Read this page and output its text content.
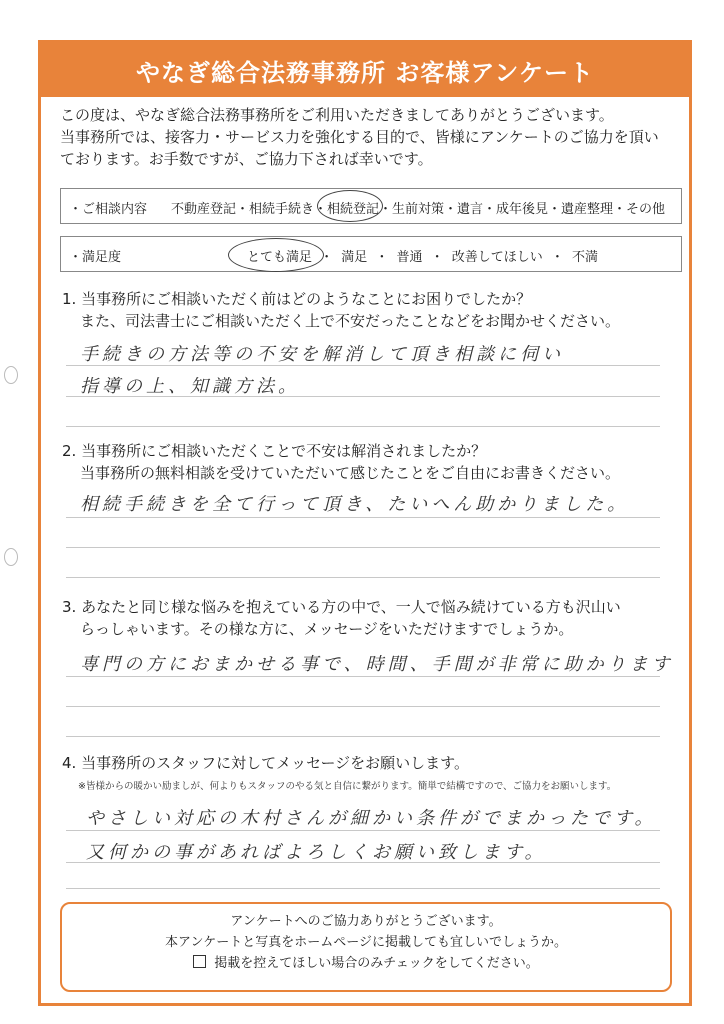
やなぎ総合法務事務所 お客様アンケート
この度は、やなぎ総合法務事務所をご利用いただきましてありがとうございます。
当事務所では、接客力・サービス力を強化する目的で、皆様にアンケートのご協力を頂い
ております。お手数ですが、ご協力下されば幸いです。
・ご相談内容 不動産登記・相続手続き・相続登記・生前対策・遺言・成年後見・遺産整理・その他
・満足度	とても満足 ・ 満足 ・ 普通 ・ 改善してほしい ・ 不満
1. 当事務所にご相談いただく前はどのようなことにお困りでしたか？
また、司法書士にご相談いただく上で不安だったことなどをお聞かせください。
手続きの方法等の不安を解消して頂き相談に伺い
指導の上、知識方法。
2. 当事務所にご相談いただくことで不安は解消されましたか？
当事務所の無料相談を受けていただいて感じたことをご自由にお書きください。
相続手続きを全て行って頂き、たいへん助かりました。
3. あなたと同じ様な悩みを抱えている方の中で、一人で悩み続けている方も沢山い
らっしゃいます。その様な方に、メッセージをいただけますでしょうか。
専門の方におまかせる事で、時間、手間が非常に助かります
4. 当事務所のスタッフに対してメッセージをお願いします。
※皆様からの暖かい励ましが、何よりもスタッフのやる気と自信に繋がります。簡単で結構ですので、ご協力をお願いします。
やさしい対応の木村さんが細かい条件がでまかったです。
又何かの事があればよろしくお願い致します。
アンケートへのご協力ありがとうございます。
本アンケートと写真をホームページに掲載しても宜しいでしょうか。
掲載を控えてほしい場合のみチェックをしてください。
